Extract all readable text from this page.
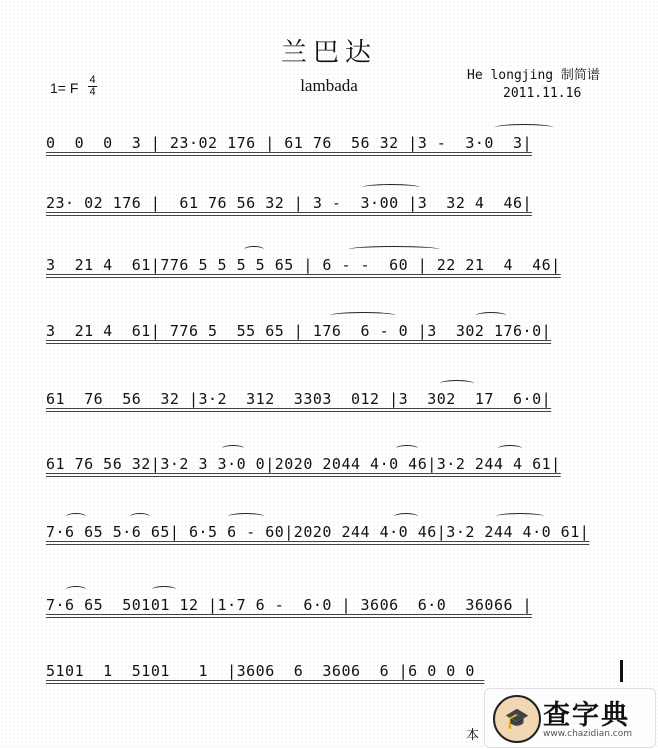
兰巴达
lambada
1= F 4
4
He longjing 制简谱
2011.11.16
0  0  0  3 | 23·02 176 | 61 76  56 32 |3 -  3·0  3|
23· 02 176 |  61 76 56 32 | 3 -  3·00 |3  32 4  46|
3  21 4  61|776 5 5 5 5 65 | 6 - -  60 | 22 21  4  46|
3  21 4  61| 776 5  55 65 | 176  6 - 0 |3  302 176·0|
61  76  56  32 |3·2  312  3303  012 |3  302  17  6·0|
61 76 56 32|3·2 3 3·0 0|2020 2044 4·0 46|3·2 244 4 61|
7·6 65 5·6 65| 6·5 6 - 60|2020 244 4·0 46|3·2 244 4·0 61|
7·6 65  50101 12 |1·7 6 -  6·0 | 3606  6·0  36066 |
5101  1  5101   1  |3606  6  3606  6 |6 0 0 0
本
🎓 查字典
www.chazidian.com
